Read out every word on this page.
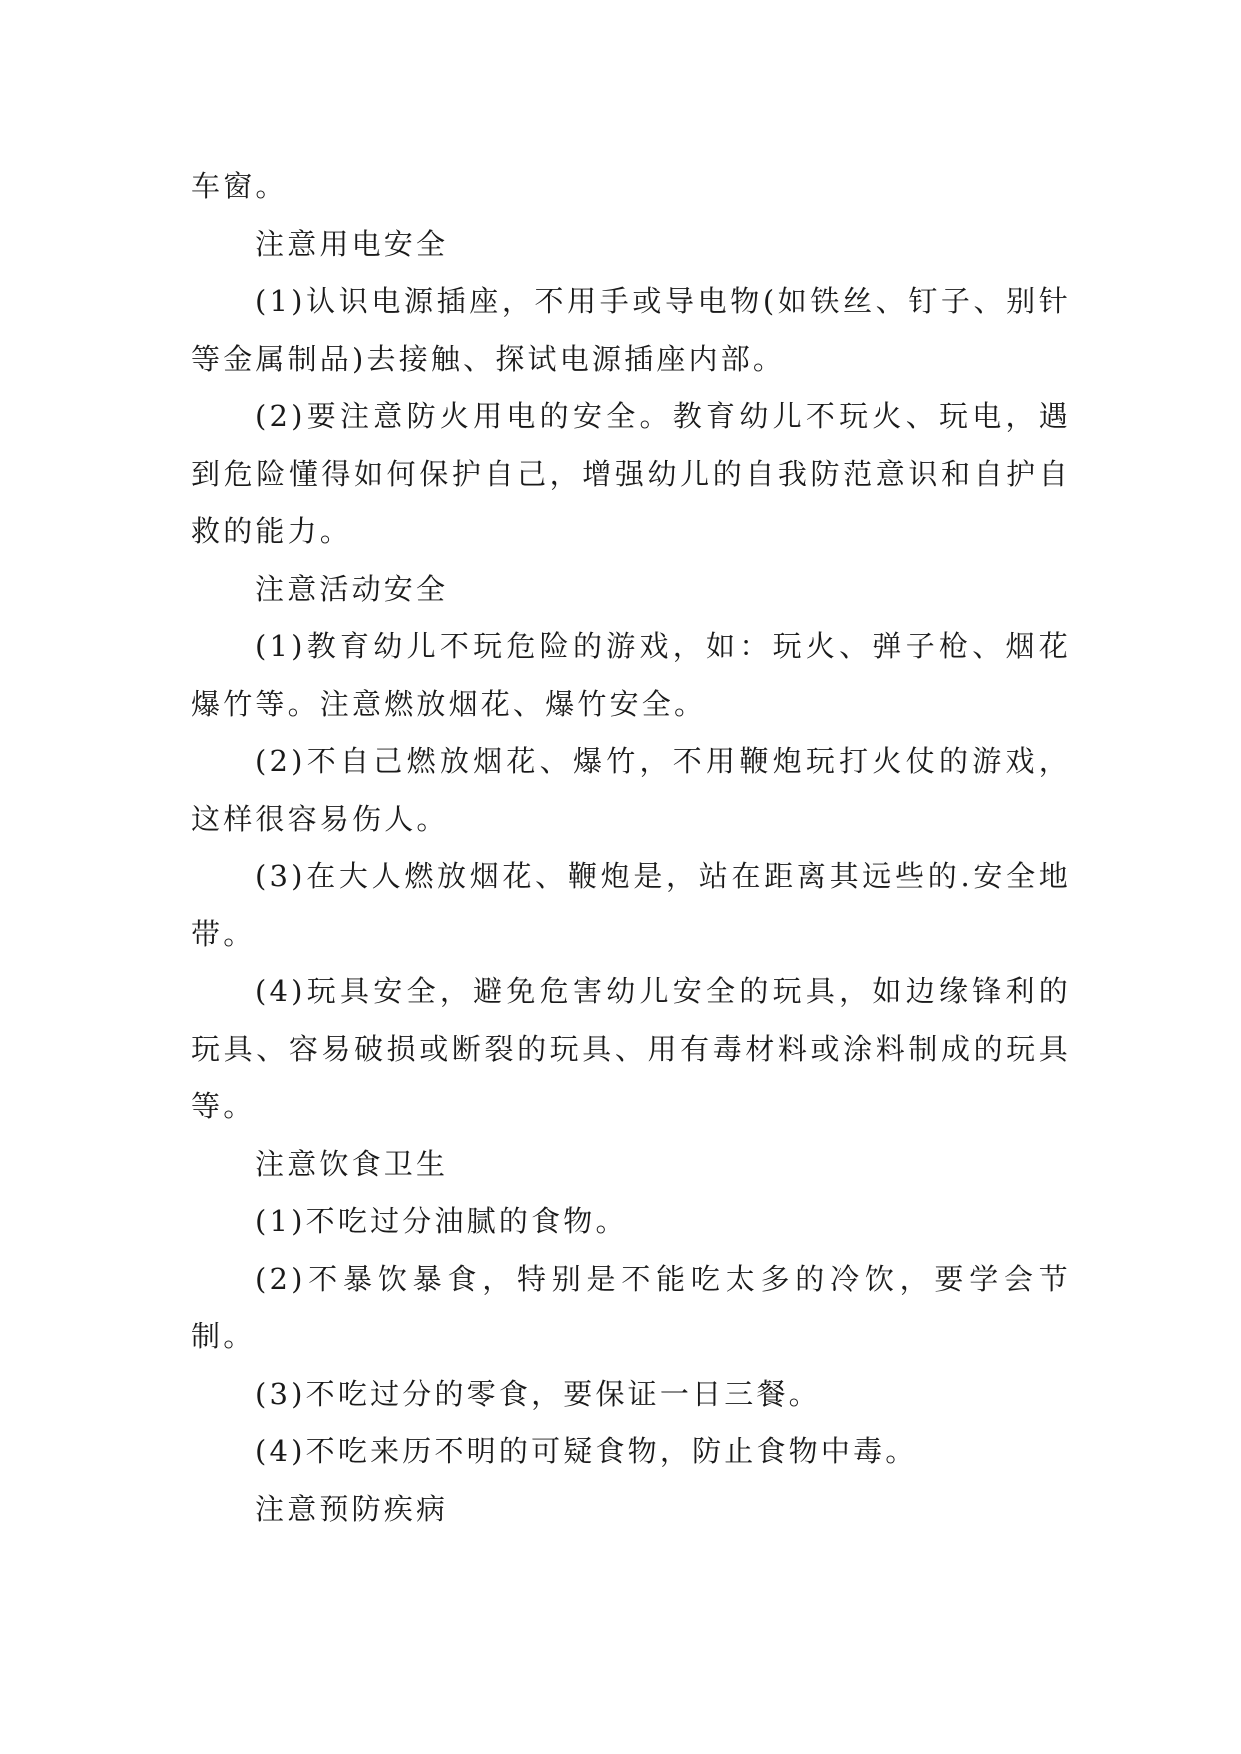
车窗。

注意用电安全

(1)认识电源插座，不用手或导电物(如铁丝、钉子、别针等金属制品)去接触、探试电源插座内部。

(2)要注意防火用电的安全。教育幼儿不玩火、玩电，遇到危险懂得如何保护自己，增强幼儿的自我防范意识和自护自救的能力。

注意活动安全

(1)教育幼儿不玩危险的游戏，如：玩火、弹子枪、烟花爆竹等。注意燃放烟花、爆竹安全。

(2)不自己燃放烟花、爆竹，不用鞭炮玩打火仗的游戏，这样很容易伤人。

(3)在大人燃放烟花、鞭炮是，站在距离其远些的.安全地带。

(4)玩具安全，避免危害幼儿安全的玩具，如边缘锋利的玩具、容易破损或断裂的玩具、用有毒材料或涂料制成的玩具等。

注意饮食卫生

(1)不吃过分油腻的食物。

(2)不暴饮暴食，特别是不能吃太多的冷饮，要学会节制。

(3)不吃过分的零食，要保证一日三餐。

(4)不吃来历不明的可疑食物，防止食物中毒。

注意预防疾病
